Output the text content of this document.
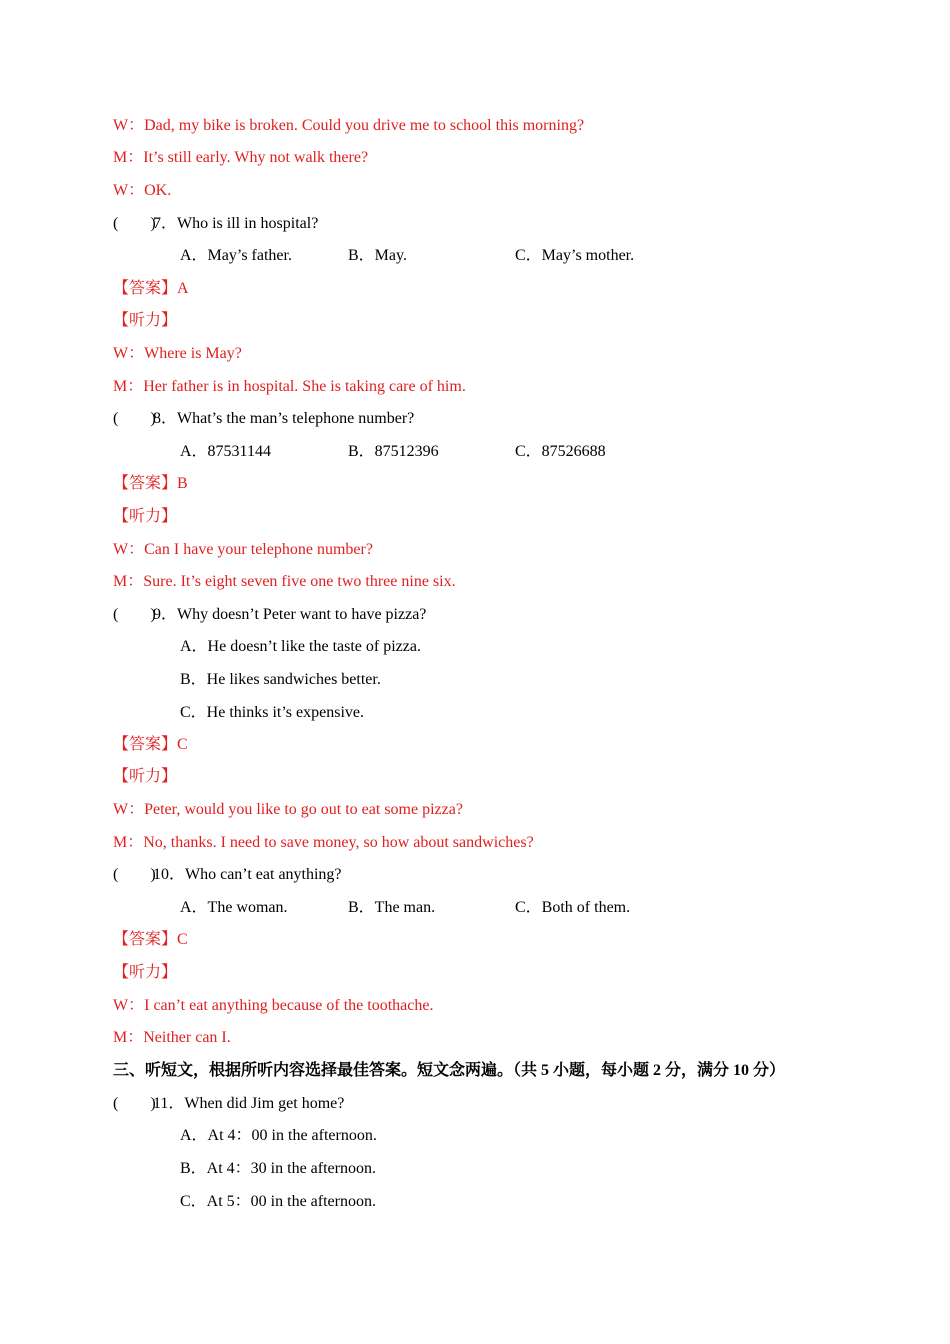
W：Dad, my bike is broken. Could you drive me to school this morning?
M：It’s still early. Why not walk there?
W：OK.
(　　)7．Who is ill in hospital?
A．May’s father.	B．May.	C．May’s mother.
【答案】A
【听力】
W：Where is May?
M：Her father is in hospital. She is taking care of him.
(　　)8．What’s the man’s telephone number?
A．87531144	B．87512396	C．87526688
【答案】B
【听力】
W：Can I have your telephone number?
M：Sure. It’s eight seven five one two three nine six.
(　　)9．Why doesn’t Peter want to have pizza?
A．He doesn’t like the taste of pizza.
B．He likes sandwiches better.
C．He thinks it’s expensive.
【答案】C
【听力】
W：Peter, would you like to go out to eat some pizza?
M：No, thanks. I need to save money, so how about sandwiches?
(　　)10．Who can’t eat anything?
A．The woman.	B．The man.	C．Both of them.
【答案】C
【听力】
W：I can’t eat anything because of the toothache.
M：Neither can I.
三、听短文，根据所听内容选择最佳答案。短文念两遍。（共 5 小题，每小题 2 分，满分 10 分）
(　　)11．When did Jim get home?
A．At 4：00 in the afternoon.
B．At 4：30 in the afternoon.
C．At 5：00 in the afternoon.
